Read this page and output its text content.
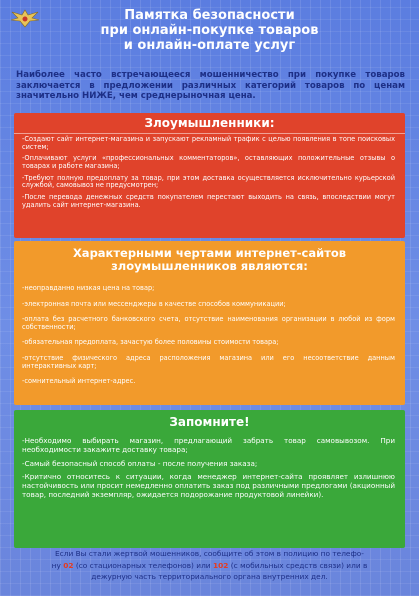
Памятка безопасности
при онлайн-покупке товаров
и онлайн-оплате услуг
Наиболее часто встречающееся мошенничество при покупке товаров заключается в предложении различных категорий товаров по ценам значительно НИЖЕ, чем среднерыночная цена.
Злоумышленники:
-Создают сайт интернет-магазина и запускают рекламный трафик с целью появления в топе поисковых систем;
-Оплачивают услуги «профессиональных комментаторов», оставляющих положительные отзывы о товарах и работе магазина;
-Требуют полную предоплату за товар, при этом доставка осуществляется исключительно курьерской службой, самовывоз не предусмотрен;
-После перевода денежных средств покупателем перестают выходить на связь, впоследствии могут удалить сайт интернет-магазина.
Характерными чертами интернет-сайтов
злоумышленников являются:
-неоправданно низкая цена на товар;
-электронная почта или мессенджеры в качестве способов коммуникации;
-оплата без расчетного банковского счета, отсутствие наименования организации в любой из форм собственности;
-обязательная предоплата, зачастую более половины стоимости товара;
-отсутствие физического адреса расположения магазина или его несоответствие данным интерактивных карт;
-сомнительный интернет-адрес.
Запомните!
-Необходимо выбирать магазин, предлагающий забрать товар самовывозом. При необходимости закажите доставку товара;
-Самый безопасный способ оплаты - после получения заказа;
-Критично относитесь к ситуации, когда менеджер интернет-сайта проявляет излишнюю настойчивость или просит немедленно оплатить заказ под различными предлогами (акционный товар, последний экземпляр, ожидается подорожание продуктовой линейки).
Если Вы стали жертвой мошенников, сообщите об этом в полицию по телефо-
ну 02 (со стационарных телефонов) или 102 (с мобильных средств связи) или в
дежурную часть территориального органа внутренних дел.
